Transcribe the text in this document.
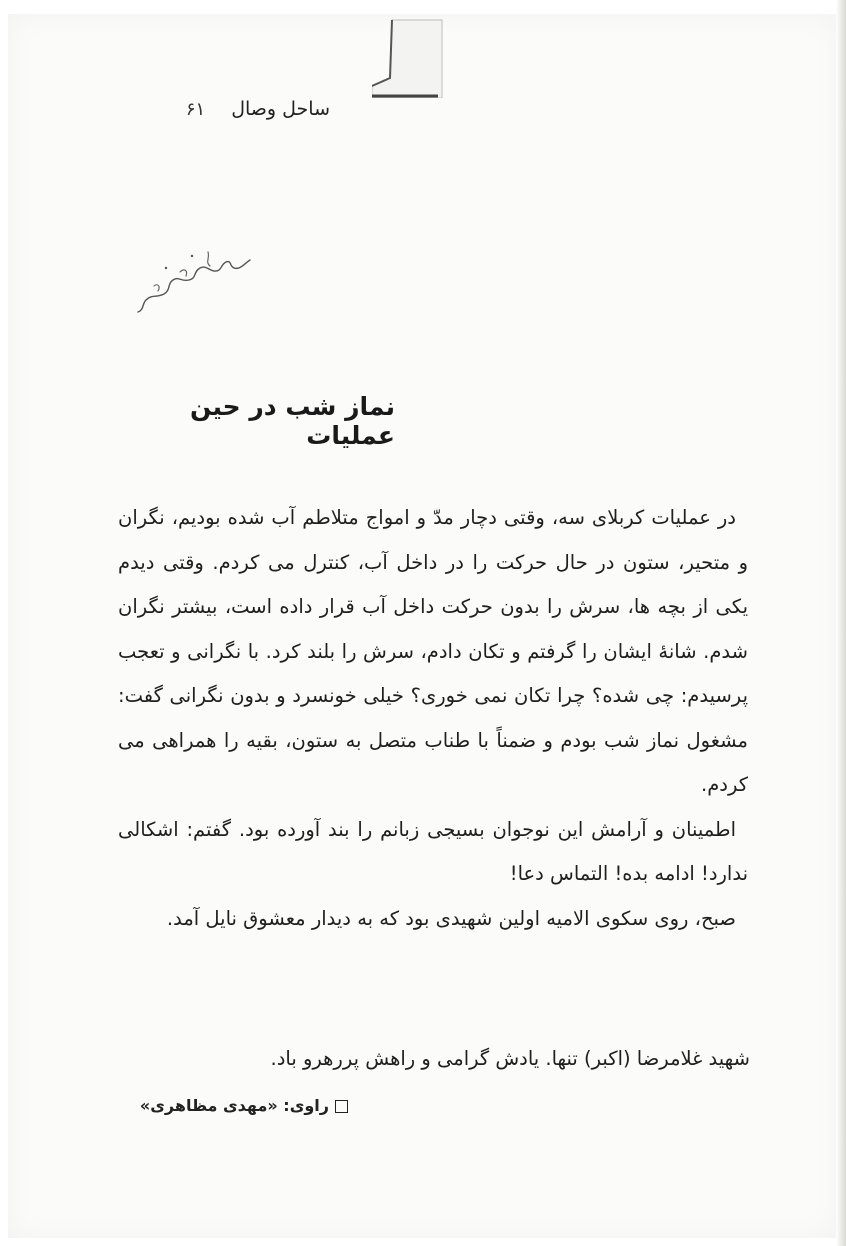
ساحل وصال
۶۱
نماز شب در حین عملیات

در عملیات کربلای سه، وقتی دچار مدّ و امواج متلاطم آب شده بودیم، نگران و متحیر، ستون در حال حرکت را در داخل آب، کنترل می کردم. وقتی دیدم یکی از بچه ها، سرش را بدون حرکت داخل آب قرار داده است، بیشتر نگران شدم. شانهٔ ایشان را گرفتم و تکان دادم، سرش را بلند کرد. با نگرانی و تعجب پرسیدم: چی شده؟ چرا تکان نمی خوری؟ خیلی خونسرد و بدون نگرانی گفت: مشغول نماز شب بودم و ضمناً با طناب متصل به ستون، بقیه را همراهی می کردم.

اطمینان و آرامش این نوجوان بسیجی زبانم را بند آورده بود. گفتم: اشکالی ندارد! ادامه بده! التماس دعا!

صبح، روی سکوی الامیه اولین شهیدی بود که به دیدار معشوق نایل آمد.

شهید غلامرضا (اکبر) تنها. یادش گرامی و راهش پررهرو باد.
راوی: «مهدی مظاهری»
